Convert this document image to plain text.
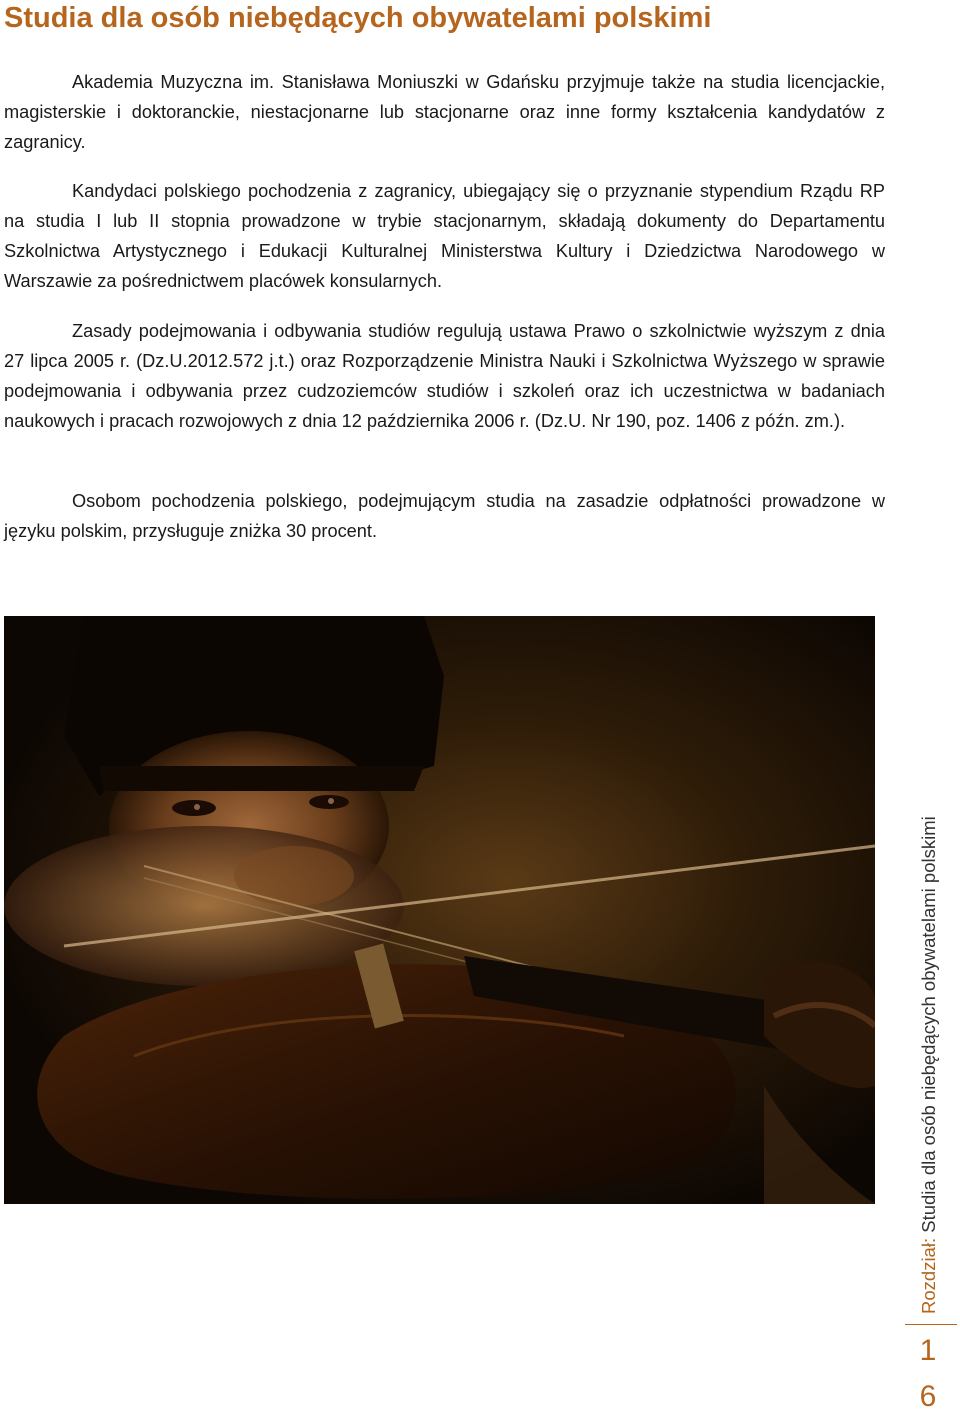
Studia dla osób niebędących obywatelami polskimi

Akademia Muzyczna im. Stanisława Moniuszki w Gdańsku przyjmuje także na studia licencjackie, magisterskie i doktoranckie, niestacjonarne lub stacjonarne oraz inne formy kształcenia kandydatów z zagranicy.

Kandydaci polskiego pochodzenia z zagranicy, ubiegający się o przyznanie stypendium Rządu RP na studia I lub II stopnia prowadzone w trybie stacjonarnym, składają dokumenty do Departamentu Szkolnictwa Artystycznego i Edukacji Kulturalnej Ministerstwa Kultury i Dziedzictwa Narodowego w Warszawie za pośrednictwem placówek konsularnych.

Zasady podejmowania i odbywania studiów regulują ustawa Prawo o szkolnictwie wyższym z dnia 27 lipca 2005 r. (Dz.U.2012.572 j.t.) oraz Rozporządzenie Ministra Nauki i Szkolnictwa Wyższego w sprawie podejmowania i odbywania przez cudzoziemców studiów i szkoleń oraz ich uczestnictwa w badaniach naukowych i pracach rozwojowych z dnia 12 października 2006 r. (Dz.U. Nr 190, poz. 1406 z późn. zm.).

Osobom pochodzenia polskiego, podejmującym studia na zasadzie odpłatności prowadzone w języku polskim, przysługuje zniżka 30 procent.

Rozdział: Studia dla osób niebędących obywatelami polskimi
1
6
